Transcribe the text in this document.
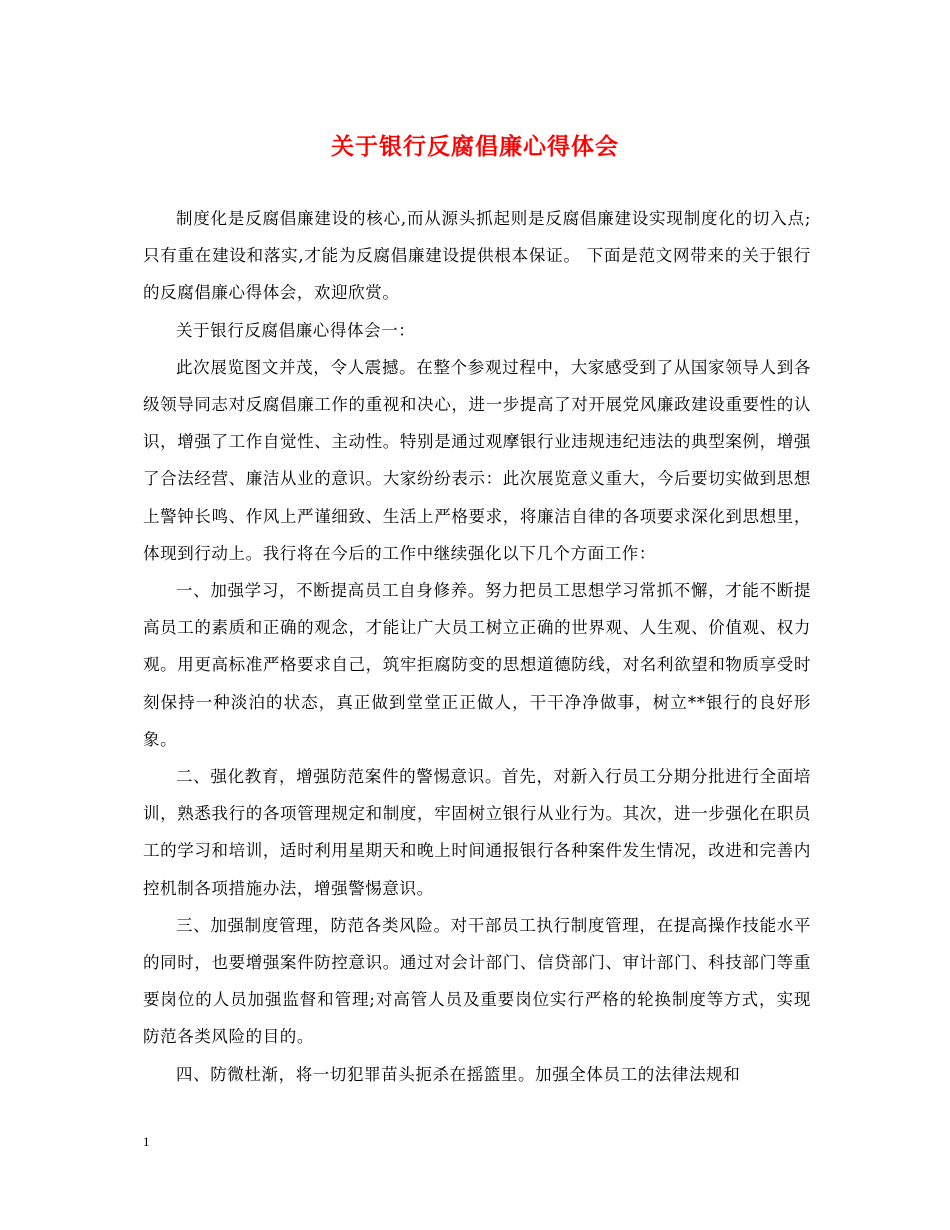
关于银行反腐倡廉心得体会

制度化是反腐倡廉建设的核心,而从源头抓起则是反腐倡廉建设实现制度化的切入点;只有重在建设和落实,才能为反腐倡廉建设提供根本保证。 下面是范文网带来的关于银行的反腐倡廉心得体会，欢迎欣赏。

关于银行反腐倡廉心得体会一：

此次展览图文并茂，令人震撼。在整个参观过程中，大家感受到了从国家领导人到各级领导同志对反腐倡廉工作的重视和决心，进一步提高了对开展党风廉政建设重要性的认识，增强了工作自觉性、主动性。特别是通过观摩银行业违规违纪违法的典型案例，增强了合法经营、廉洁从业的意识。大家纷纷表示：此次展览意义重大，今后要切实做到思想上警钟长鸣、作风上严谨细致、生活上严格要求，将廉洁自律的各项要求深化到思想里，体现到行动上。我行将在今后的工作中继续强化以下几个方面工作：

一、加强学习，不断提高员工自身修养。努力把员工思想学习常抓不懈，才能不断提高员工的素质和正确的观念，才能让广大员工树立正确的世界观、人生观、价值观、权力观。用更高标准严格要求自己，筑牢拒腐防变的思想道德防线，对名利欲望和物质享受时刻保持一种淡泊的状态，真正做到堂堂正正做人，干干净净做事，树立**银行的良好形象。

二、强化教育，增强防范案件的警惕意识。首先，对新入行员工分期分批进行全面培训，熟悉我行的各项管理规定和制度，牢固树立银行从业行为。其次，进一步强化在职员工的学习和培训，适时利用星期天和晚上时间通报银行各种案件发生情况，改进和完善内控机制各项措施办法，增强警惕意识。

三、加强制度管理，防范各类风险。对干部员工执行制度管理，在提高操作技能水平的同时，也要增强案件防控意识。通过对会计部门、信贷部门、审计部门、科技部门等重要岗位的人员加强监督和管理;对高管人员及重要岗位实行严格的轮换制度等方式，实现防范各类风险的目的。

四、防微杜渐，将一切犯罪苗头扼杀在摇篮里。加强全体员工的法律法规和

1
